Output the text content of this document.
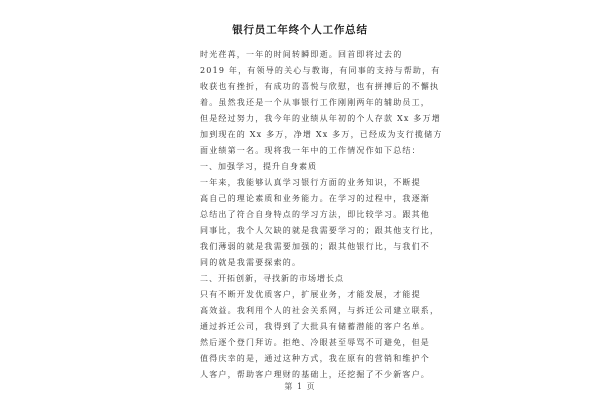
银行员工年终个人工作总结
时光荏苒，一年的时间转瞬即逝。回首即将过去的
2019 年，有领导的关心与教诲，有同事的支持与帮助，有
收获也有挫折，有成功的喜悦与欣慰，也有拼搏后的不懈执
着。虽然我还是一个从事银行工作刚刚两年的辅助员工，
但是经过努力，我今年的业绩从年初的个人存款 Xx 多万增
加到现在的 Xx 多万，净增 Xx 多万，已经成为支行揽储方
面业绩第一名。现将我一年中的工作情况作如下总结：
一、加强学习，提升自身素质
一年来，我能够认真学习银行方面的业务知识，不断提
高自己的理论素质和业务能力。在学习的过程中，我逐渐
总结出了符合自身特点的学习方法，即比较学习。跟其他
同事比，我个人欠缺的就是我需要学习的；跟其他支行比，
我们薄弱的就是我需要加强的；跟其他银行比，与我们不
同的就是我需要探索的。
二、开拓创新，寻找新的市场增长点
只有不断开发优质客户，扩展业务，才能发展，才能提
高效益。我利用个人的社会关系网，与拆迁公司建立联系，
通过拆迁公司，我得到了大批具有储蓄潜能的客户名单。
然后逐个登门拜访。拒绝、冷眼甚至辱骂不可避免，但是
值得庆幸的是，通过这种方式，我在原有的营销和维护个
人客户，帮助客户理财的基础上，还挖掘了不少新客户。
第 1 页
